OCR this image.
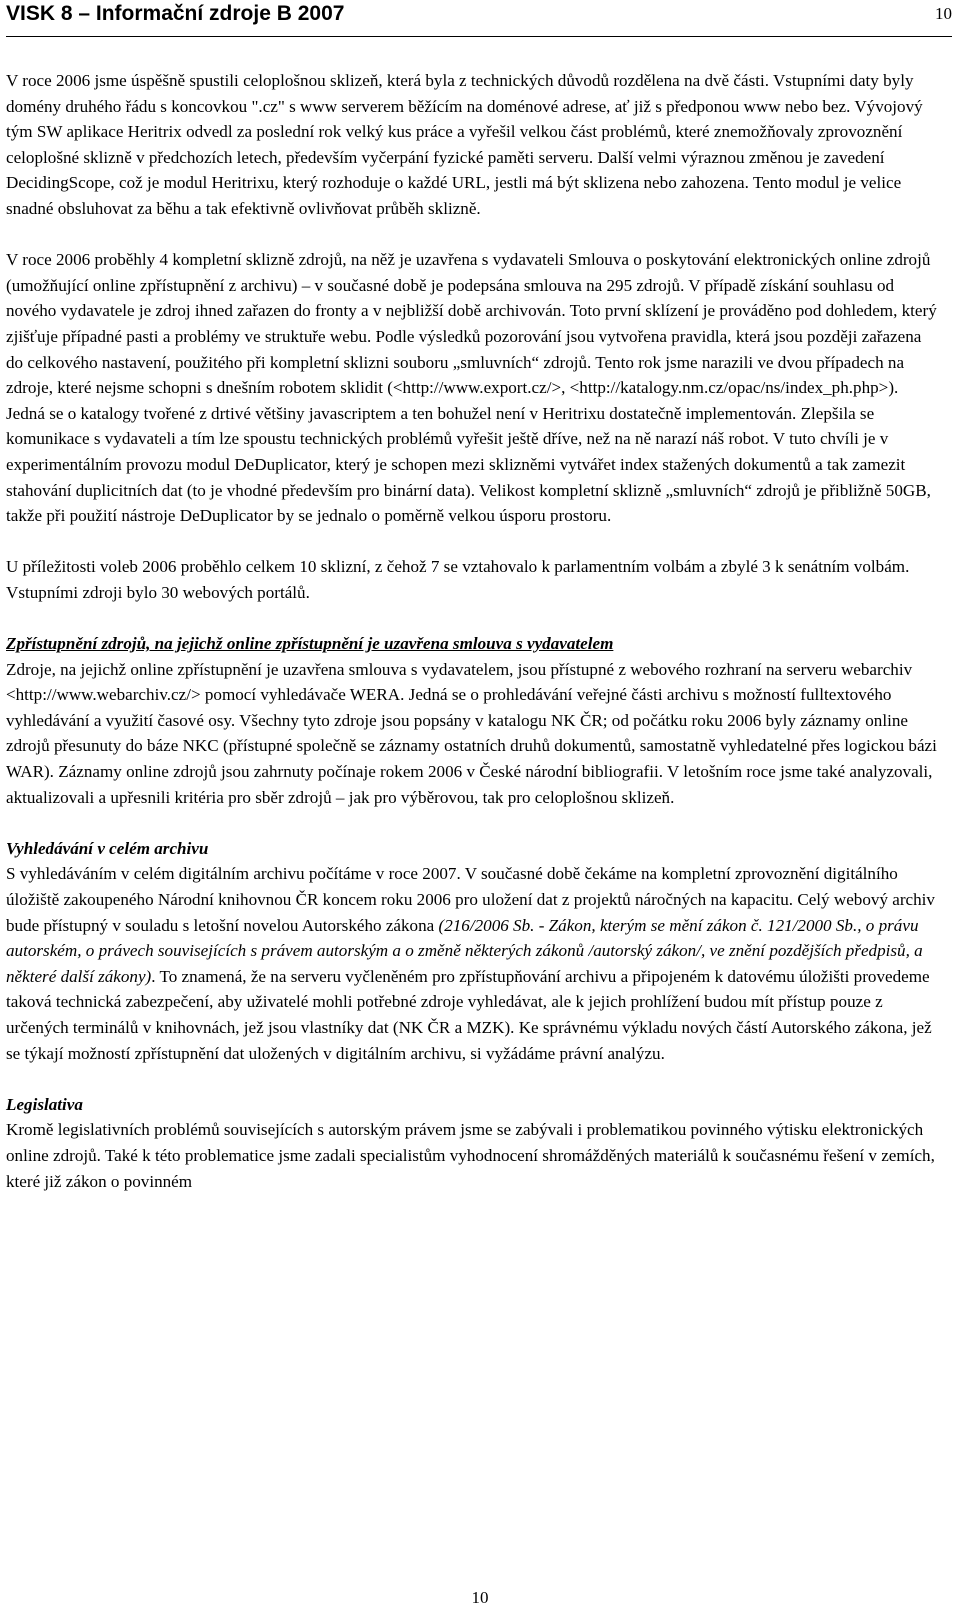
VISK 8 – Informační zdroje B 2007	10

V roce 2006 jsme úspěšně spustili celoplošnou sklizeň, která byla z technických důvodů rozdělena na dvě části. Vstupními daty byly domény druhého řádu s koncovkou ".cz" s www serverem běžícím na doménové adrese, ať již s předponou www nebo bez. Vývojový tým SW aplikace Heritrix odvedl za poslední rok velký kus práce a vyřešil velkou část problémů, které znemožňovaly zprovoznění celoplošné sklizně v předchozích letech, především vyčerpání fyzické paměti serveru. Další velmi výraznou změnou je zavedení DecidingScope, což je modul Heritrixu, který rozhoduje o každé URL, jestli má být sklizena nebo zahozena. Tento modul je velice snadné obsluhovat za běhu a tak efektivně ovlivňovat průběh sklizně.

V roce 2006 proběhly 4 kompletní sklizně zdrojů, na něž je uzavřena s vydavateli Smlouva o poskytování elektronických online zdrojů (umožňující online zpřístupnění z archivu) – v současné době je podepsána smlouva na 295 zdrojů. V případě získání souhlasu od nového vydavatele je zdroj ihned zařazen do fronty a v nejbližší době archivován. Toto první sklízení je prováděno pod dohledem, který zjišťuje případné pasti a problémy ve struktuře webu. Podle výsledků pozorování jsou vytvořena pravidla, která jsou později zařazena do celkového nastavení, použitého při kompletní sklizni souboru „smluvních“ zdrojů. Tento rok jsme narazili ve dvou případech na zdroje, které nejsme schopni s dnešním robotem sklidit (<http://www.export.cz/>, <http://katalogy.nm.cz/opac/ns/index_ph.php>). Jedná se o katalogy tvořené z drtivé většiny javascriptem a ten bohužel není v Heritrixu dostatečně implementován. Zlepšila se komunikace s vydavateli a tím lze spoustu technických problémů vyřešit ještě dříve, než na ně narazí náš robot. V tuto chvíli je v experimentálním provozu modul DeDuplicator, který je schopen mezi sklizněmi vytvářet index stažených dokumentů a tak zamezit stahování duplicitních dat (to je vhodné především pro binární data). Velikost kompletní sklizně „smluvních“ zdrojů je přibližně 50GB, takže při použití nástroje DeDuplicator by se jednalo o poměrně velkou úsporu prostoru.

U příležitosti voleb 2006 proběhlo celkem 10 sklizní, z čehož 7 se vztahovalo k parlamentním volbám a zbylé 3 k senátním volbám. Vstupními zdroji bylo 30 webových portálů.

Zpřístupnění zdrojů, na jejichž online zpřístupnění je uzavřena smlouva s vydavatelem

Zdroje, na jejichž online zpřístupnění je uzavřena smlouva s vydavatelem, jsou přístupné z webového rozhraní na serveru webarchiv <http://www.webarchiv.cz/> pomocí vyhledávače WERA. Jedná se o prohledávání veřejné části archivu s možností fulltextového vyhledávání a využití časové osy. Všechny tyto zdroje jsou popsány v katalogu NK ČR; od počátku roku 2006 byly záznamy online zdrojů přesunuty do báze NKC (přístupné společně se záznamy ostatních druhů dokumentů, samostatně vyhledatelné přes logickou bázi WAR). Záznamy online zdrojů jsou zahrnuty počínaje rokem 2006 v České národní bibliografii. V letošním roce jsme také analyzovali, aktualizovali a upřesnili kritéria pro sběr zdrojů – jak pro výběrovou, tak pro celoplošnou sklizeň.

Vyhledávání v celém archivu

S vyhledáváním v celém digitálním archivu počítáme v roce 2007. V současné době čekáme na kompletní zprovoznění digitálního úložiště zakoupeného Národní knihovnou ČR koncem roku 2006 pro uložení dat z projektů náročných na kapacitu. Celý webový archiv bude přístupný v souladu s letošní novelou Autorského zákona (216/2006 Sb. - Zákon, kterým se mění zákon č. 121/2000 Sb., o právu autorském, o právech souvisejících s právem autorským a o změně některých zákonů /autorský zákon/, ve znění pozdějších předpisů, a některé další zákony). To znamená, že na serveru vyčleněném pro zpřístupňování archivu a připojeném k datovému úložišti provedeme taková technická zabezpečení, aby uživatelé mohli potřebné zdroje vyhledávat, ale k jejich prohlížení budou mít přístup pouze z určených terminálů v knihovnách, jež jsou vlastníky dat (NK ČR a MZK). Ke správnému výkladu nových částí Autorského zákona, jež se týkají možností zpřístupnění dat uložených v digitálním archivu, si vyžádáme právní analýzu.

Legislativa

Kromě legislativních problémů souvisejících s autorským právem jsme se zabývali i problematikou povinného výtisku elektronických online zdrojů. Také k této problematice jsme zadali specialistům vyhodnocení shromážděných materiálů k současnému řešení v zemích, které již zákon o povinném

10
